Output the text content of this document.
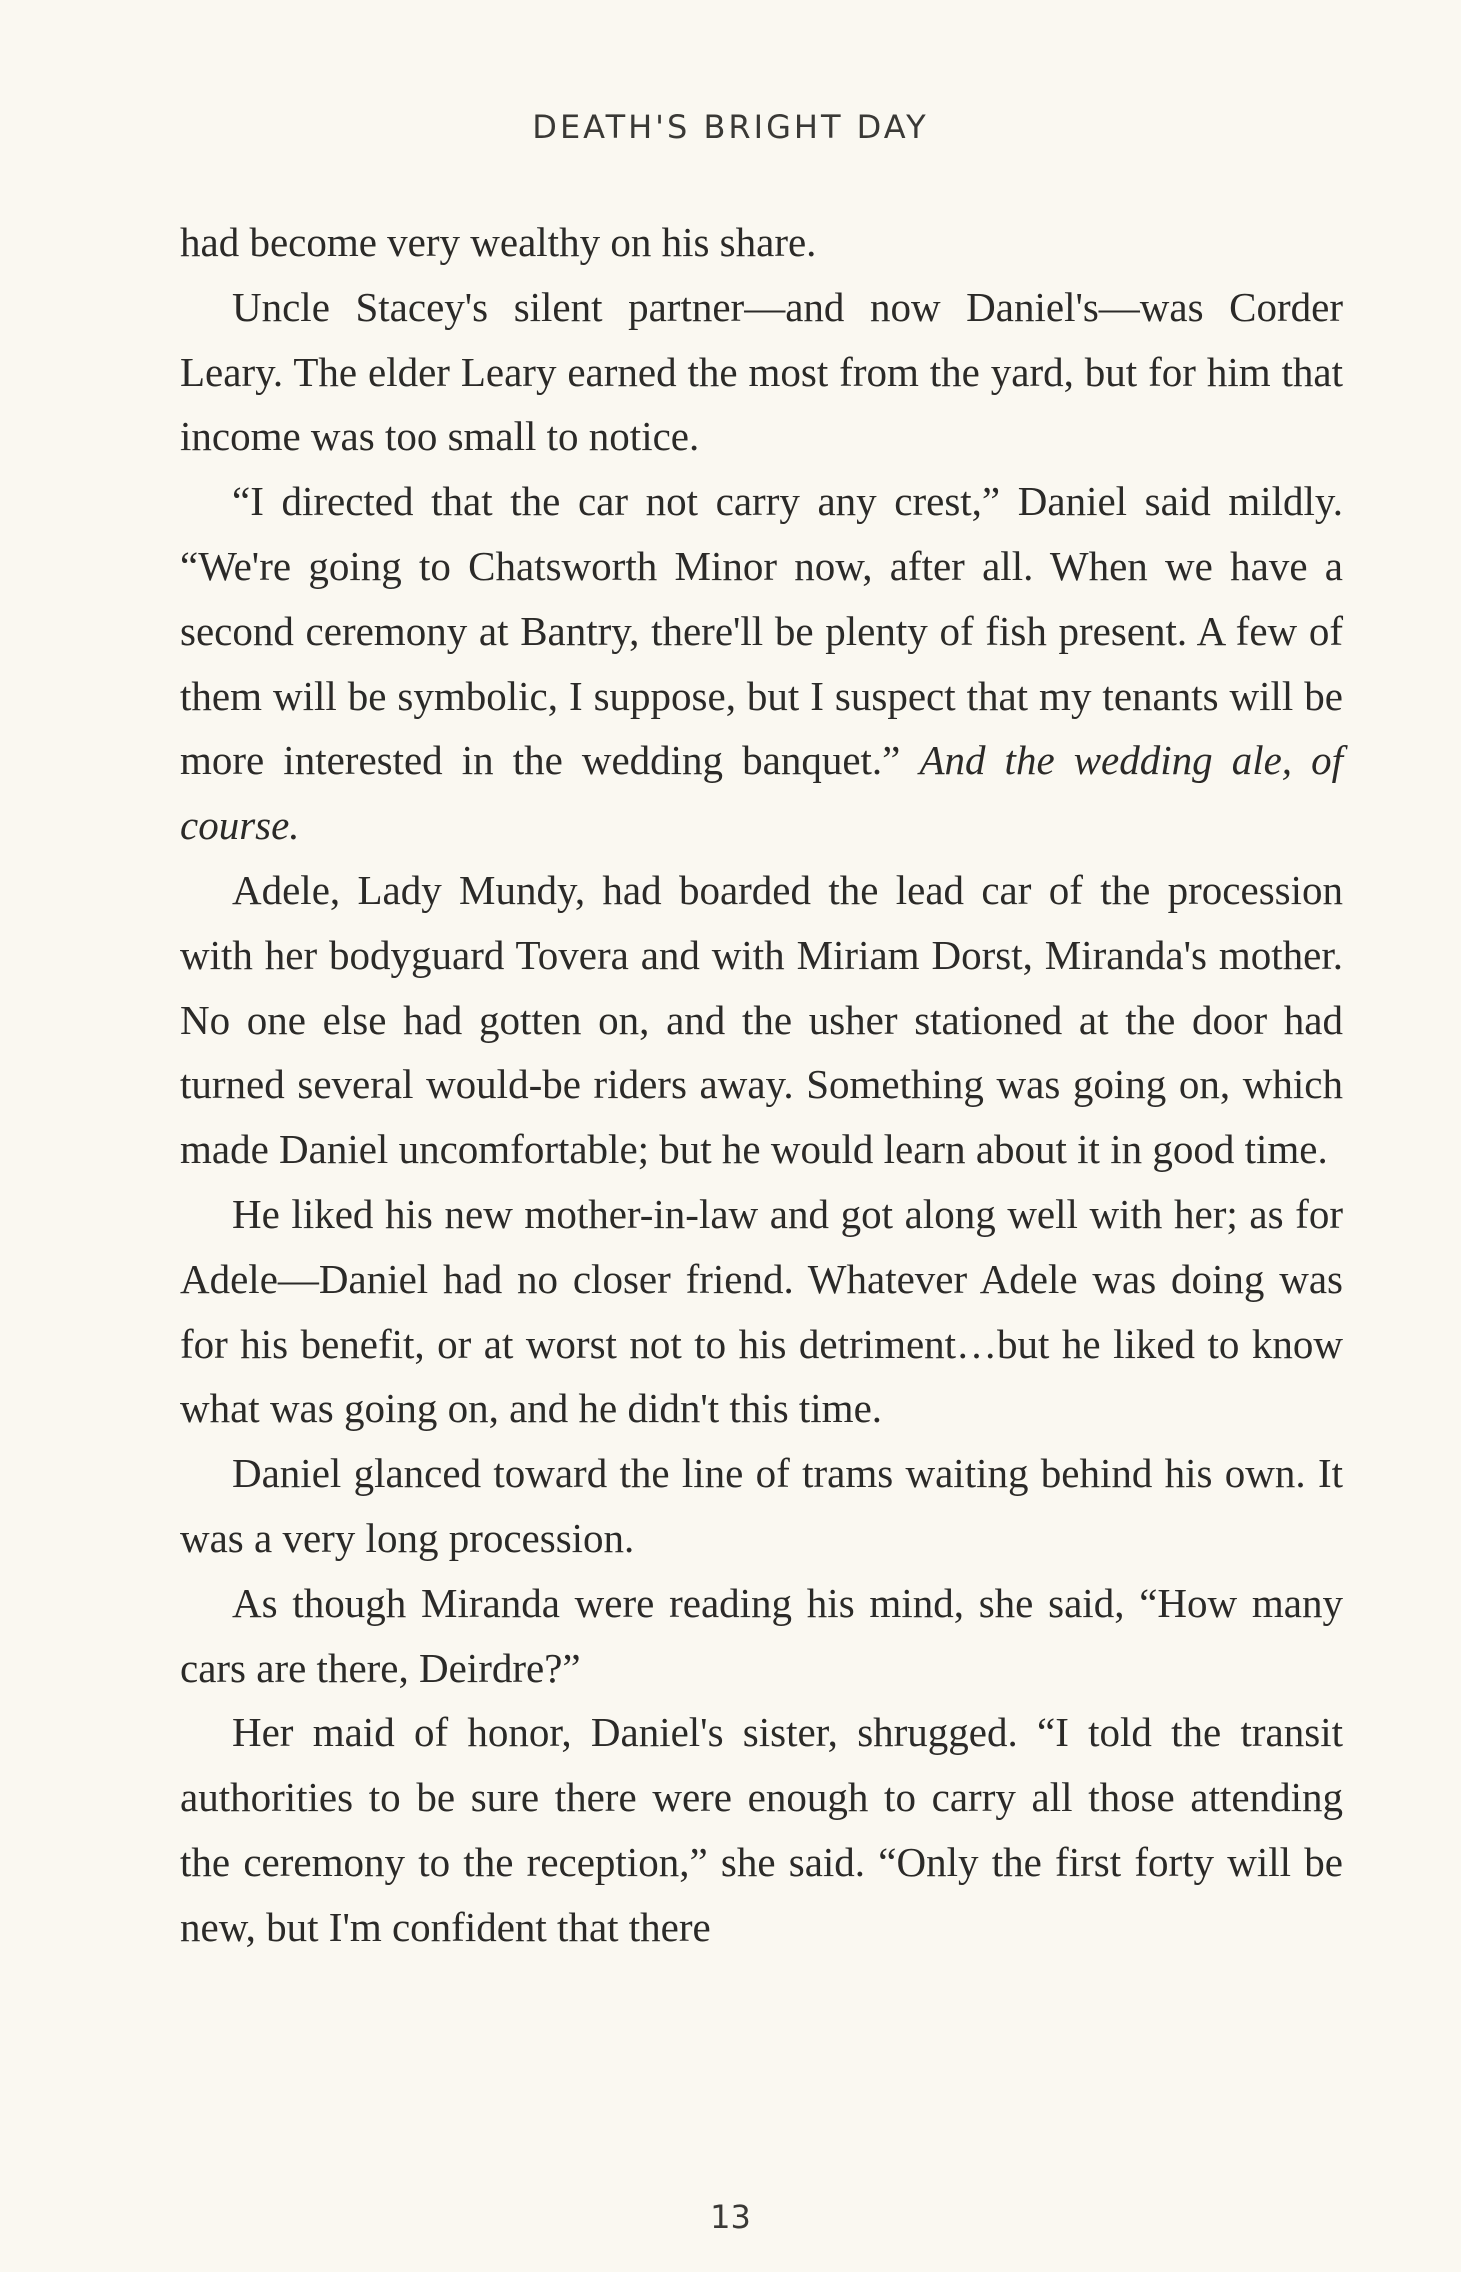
DEATH'S BRIGHT DAY

had become very wealthy on his share.

Uncle Stacey's silent partner—and now Daniel's—was Corder Leary. The elder Leary earned the most from the yard, but for him that income was too small to notice.

“I directed that the car not carry any crest,” Daniel said mildly. “We're going to Chatsworth Minor now, after all. When we have a second ceremony at Bantry, there'll be plenty of fish present. A few of them will be symbolic, I suppose, but I suspect that my tenants will be more interested in the wedding banquet.” And the wedding ale, of course.

Adele, Lady Mundy, had boarded the lead car of the procession with her bodyguard Tovera and with Miriam Dorst, Miranda's mother. No one else had gotten on, and the usher stationed at the door had turned several would-be riders away. Something was going on, which made Daniel uncomfortable; but he would learn about it in good time.

He liked his new mother-in-law and got along well with her; as for Adele—Daniel had no closer friend. Whatever Adele was doing was for his benefit, or at worst not to his detriment…but he liked to know what was going on, and he didn't this time.

Daniel glanced toward the line of trams waiting behind his own. It was a very long procession.

As though Miranda were reading his mind, she said, “How many cars are there, Deirdre?”

Her maid of honor, Daniel's sister, shrugged. “I told the transit authorities to be sure there were enough to carry all those attending the ceremony to the reception,” she said. “Only the first forty will be new, but I'm confident that there

13
